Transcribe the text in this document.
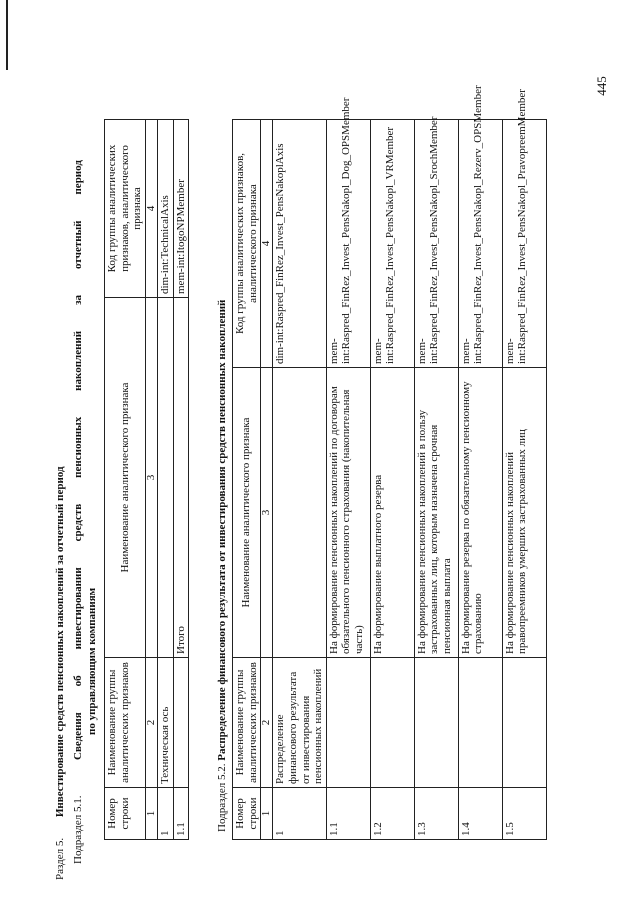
445
Раздел 5. Инвестирование средств пенсионных накоплений за отчетный период
Подраздел 5.1.
Сведения
об
инвестировании
средств
пенсионных
накоплений
за
отчетный
период
по управляющим компаниям
Номер строки	Наименование группы аналитических признаков	Наименование аналитического признака	Код группы аналитических признаков, аналитического признака
1	2	3	4
1	Техническая ось		dim-int:TechnicalAxis
1.1		Итого	mem-int:ItogoNPMember
Подраздел 5.2. Распределение финансового результата от инвестирования средств пенсионных накоплений
Номер строки	Наименование группы аналитических признаков	Наименование аналитического признака	Код группы аналитических признаков, аналитического признака
1	2	3	4
1	Распределение финансового результата от инвестирования пенсионных накоплений		dim-int:Raspred_FinRez_Invest_PensNakoplAxis
1.1		На формирование пенсионных накоплений по договорам обязательного пенсионного страхования (накопительная часть)	mem-int:Raspred_FinRez_Invest_PensNakopl_Dog_OPSMember
1.2		На формирование выплатного резерва	mem-int:Raspred_FinRez_Invest_PensNakopl_VRMember
1.3		На формирование пенсионных накоплений в пользу застрахованных лиц, которым назначена срочная пенсионная выплата	mem-int:Raspred_FinRez_Invest_PensNakopl_SrochMember
1.4		На формирование резерва по обязательному пенсионному страхованию	mem-int:Raspred_FinRez_Invest_PensNakopl_Rezerv_OPSMember
1.5		На формирование пенсионных накоплений правопреемников умерших застрахованных лиц	mem-int:Raspred_FinRez_Invest_PensNakopl_PravopreemMember
